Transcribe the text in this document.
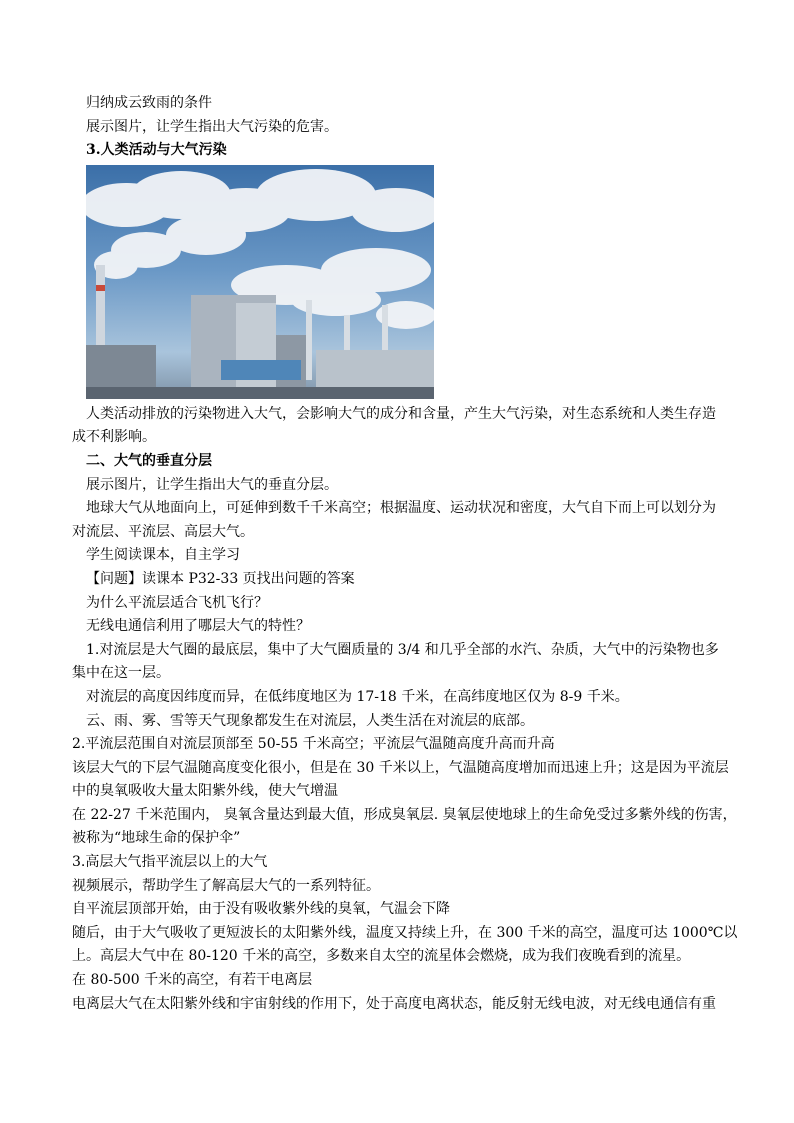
归纳成云致雨的条件
展示图片，让学生指出大气污染的危害。
3.人类活动与大气污染
人类活动排放的污染物进入大气，会影响大气的成分和含量，产生大气污染，对生态系统和人类生存造
成不利影响。
二、大气的垂直分层
展示图片，让学生指出大气的垂直分层。
地球大气从地面向上，可延伸到数千千米高空；根据温度、运动状况和密度，大气自下而上可以划分为
对流层、平流层、高层大气。
学生阅读课本，自主学习
【问题】读课本 P32-33 页找出问题的答案
为什么平流层适合飞机飞行？
无线电通信利用了哪层大气的特性？
1.对流层是大气圈的最底层，集中了大气圈质量的 3/4 和几乎全部的水汽、杂质，大气中的污染物也多
集中在这一层。
对流层的高度因纬度而异，在低纬度地区为 17-18 千米，在高纬度地区仅为 8-9 千米。
云、雨、雾、雪等天气现象都发生在对流层，人类生活在对流层的底部。
2.平流层范围自对流层顶部至 50-55 千米高空；平流层气温随高度升高而升高
该层大气的下层气温随高度变化很小，但是在 30 千米以上，气温随高度增加而迅速上升；这是因为平流层
中的臭氧吸收大量太阳紫外线，使大气增温
在 22-27 千米范围内， 臭氧含量达到最大值，形成臭氧层. 臭氧层使地球上的生命免受过多紫外线的伤害，
被称为“地球生命的保护伞”
3.高层大气指平流层以上的大气
视频展示，帮助学生了解高层大气的一系列特征。
自平流层顶部开始，由于没有吸收紫外线的臭氧，气温会下降
随后，由于大气吸收了更短波长的太阳紫外线，温度又持续上升，在 300 千米的高空，温度可达 1000℃以
上。高层大气中在 80-120 千米的高空，多数来自太空的流星体会燃烧，成为我们夜晚看到的流星。
在 80-500 千米的高空，有若干电离层
电离层大气在太阳紫外线和宇宙射线的作用下，处于高度电离状态，能反射无线电波，对无线电通信有重
